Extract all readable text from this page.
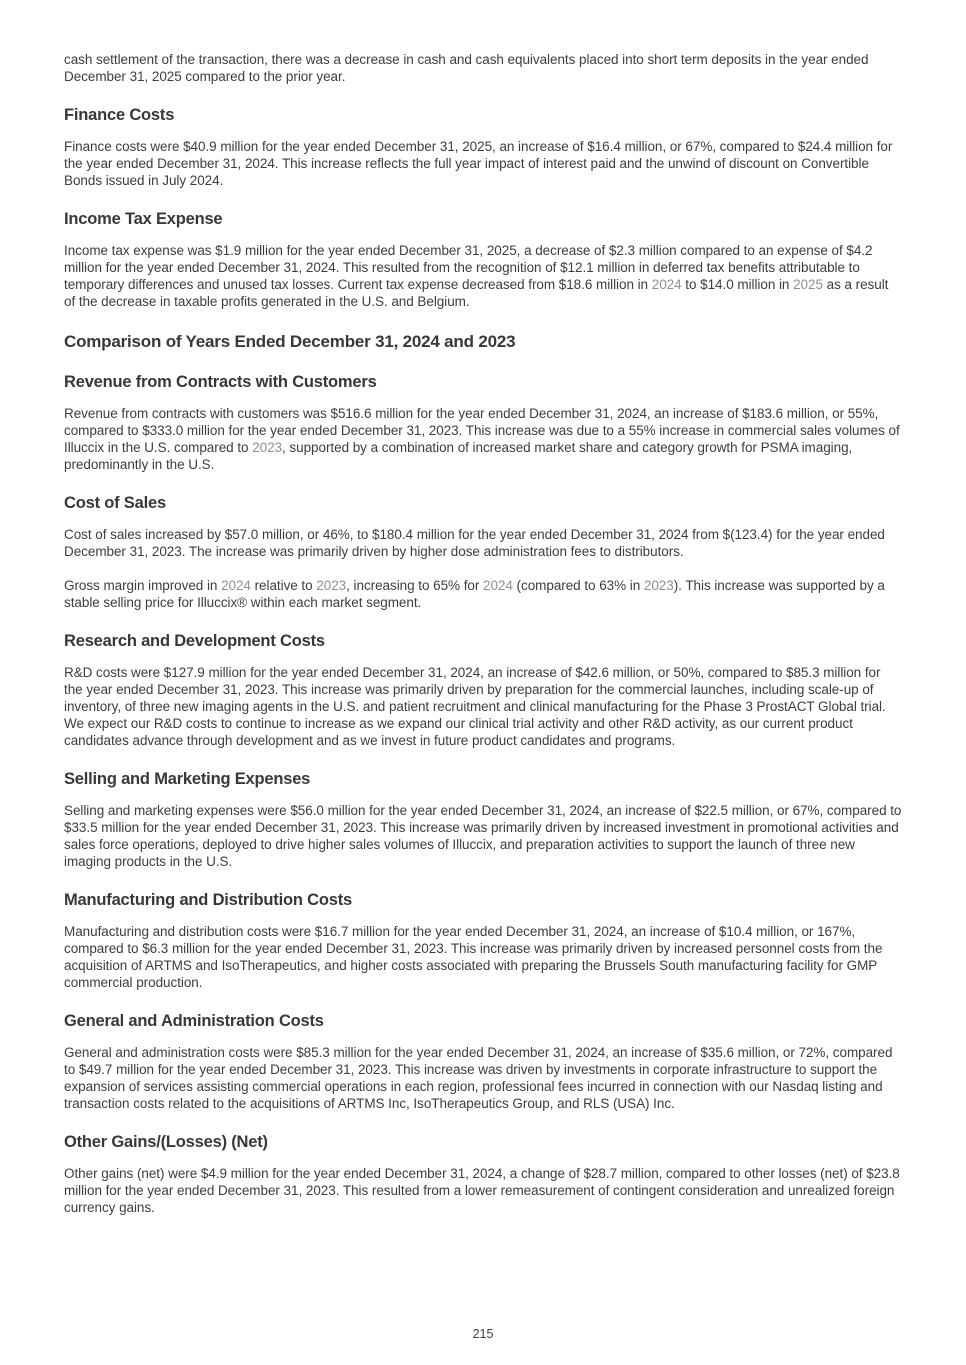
cash settlement of the transaction, there was a decrease in cash and cash equivalents placed into short term deposits in the year ended December 31, 2025 compared to the prior year.

Finance Costs

Finance costs were $40.9 million for the year ended December 31, 2025, an increase of $16.4 million, or 67%, compared to $24.4 million for the year ended December 31, 2024. This increase reflects the full year impact of interest paid and the unwind of discount on Convertible Bonds issued in July 2024.

Income Tax Expense

Income tax expense was $1.9 million for the year ended December 31, 2025, a decrease of $2.3 million compared to an expense of $4.2 million for the year ended December 31, 2024. This resulted from the recognition of $12.1 million in deferred tax benefits attributable to temporary differences and unused tax losses. Current tax expense decreased from $18.6 million in 2024 to $14.0 million in 2025 as a result of the decrease in taxable profits generated in the U.S. and Belgium.

Comparison of Years Ended December 31, 2024 and 2023
Revenue from Contracts with Customers

Revenue from contracts with customers was $516.6 million for the year ended December 31, 2024, an increase of $183.6 million, or 55%, compared to $333.0 million for the year ended December 31, 2023. This increase was due to a 55% increase in commercial sales volumes of Illuccix in the U.S. compared to 2023, supported by a combination of increased market share and category growth for PSMA imaging, predominantly in the U.S.

Cost of Sales

Cost of sales increased by $57.0 million, or 46%, to $180.4 million for the year ended December 31, 2024 from $(123.4) for the year ended December 31, 2023. The increase was primarily driven by higher dose administration fees to distributors.

Gross margin improved in 2024 relative to 2023, increasing to 65% for 2024 (compared to 63% in 2023). This increase was supported by a stable selling price for Illuccix® within each market segment.

Research and Development Costs

R&D costs were $127.9 million for the year ended December 31, 2024, an increase of $42.6 million, or 50%, compared to $85.3 million for the year ended December 31, 2023. This increase was primarily driven by preparation for the commercial launches, including scale-up of inventory, of three new imaging agents in the U.S. and patient recruitment and clinical manufacturing for the Phase 3 ProstACT Global trial. We expect our R&D costs to continue to increase as we expand our clinical trial activity and other R&D activity, as our current product candidates advance through development and as we invest in future product candidates and programs.

Selling and Marketing Expenses

Selling and marketing expenses were $56.0 million for the year ended December 31, 2024, an increase of $22.5 million, or 67%, compared to $33.5 million for the year ended December 31, 2023. This increase was primarily driven by increased investment in promotional activities and sales force operations, deployed to drive higher sales volumes of Illuccix, and preparation activities to support the launch of three new imaging products in the U.S.

Manufacturing and Distribution Costs

Manufacturing and distribution costs were $16.7 million for the year ended December 31, 2024, an increase of $10.4 million, or 167%, compared to $6.3 million for the year ended December 31, 2023. This increase was primarily driven by increased personnel costs from the acquisition of ARTMS and IsoTherapeutics, and higher costs associated with preparing the Brussels South manufacturing facility for GMP commercial production.

General and Administration Costs

General and administration costs were $85.3 million for the year ended December 31, 2024, an increase of $35.6 million, or 72%, compared to $49.7 million for the year ended December 31, 2023. This increase was driven by investments in corporate infrastructure to support the expansion of services assisting commercial operations in each region, professional fees incurred in connection with our Nasdaq listing and transaction costs related to the acquisitions of ARTMS Inc, IsoTherapeutics Group, and RLS (USA) Inc.

Other Gains/(Losses) (Net)

Other gains (net) were $4.9 million for the year ended December 31, 2024, a change of $28.7 million, compared to other losses (net) of $23.8 million for the year ended December 31, 2023. This resulted from a lower remeasurement of contingent consideration and unrealized foreign currency gains.

215
